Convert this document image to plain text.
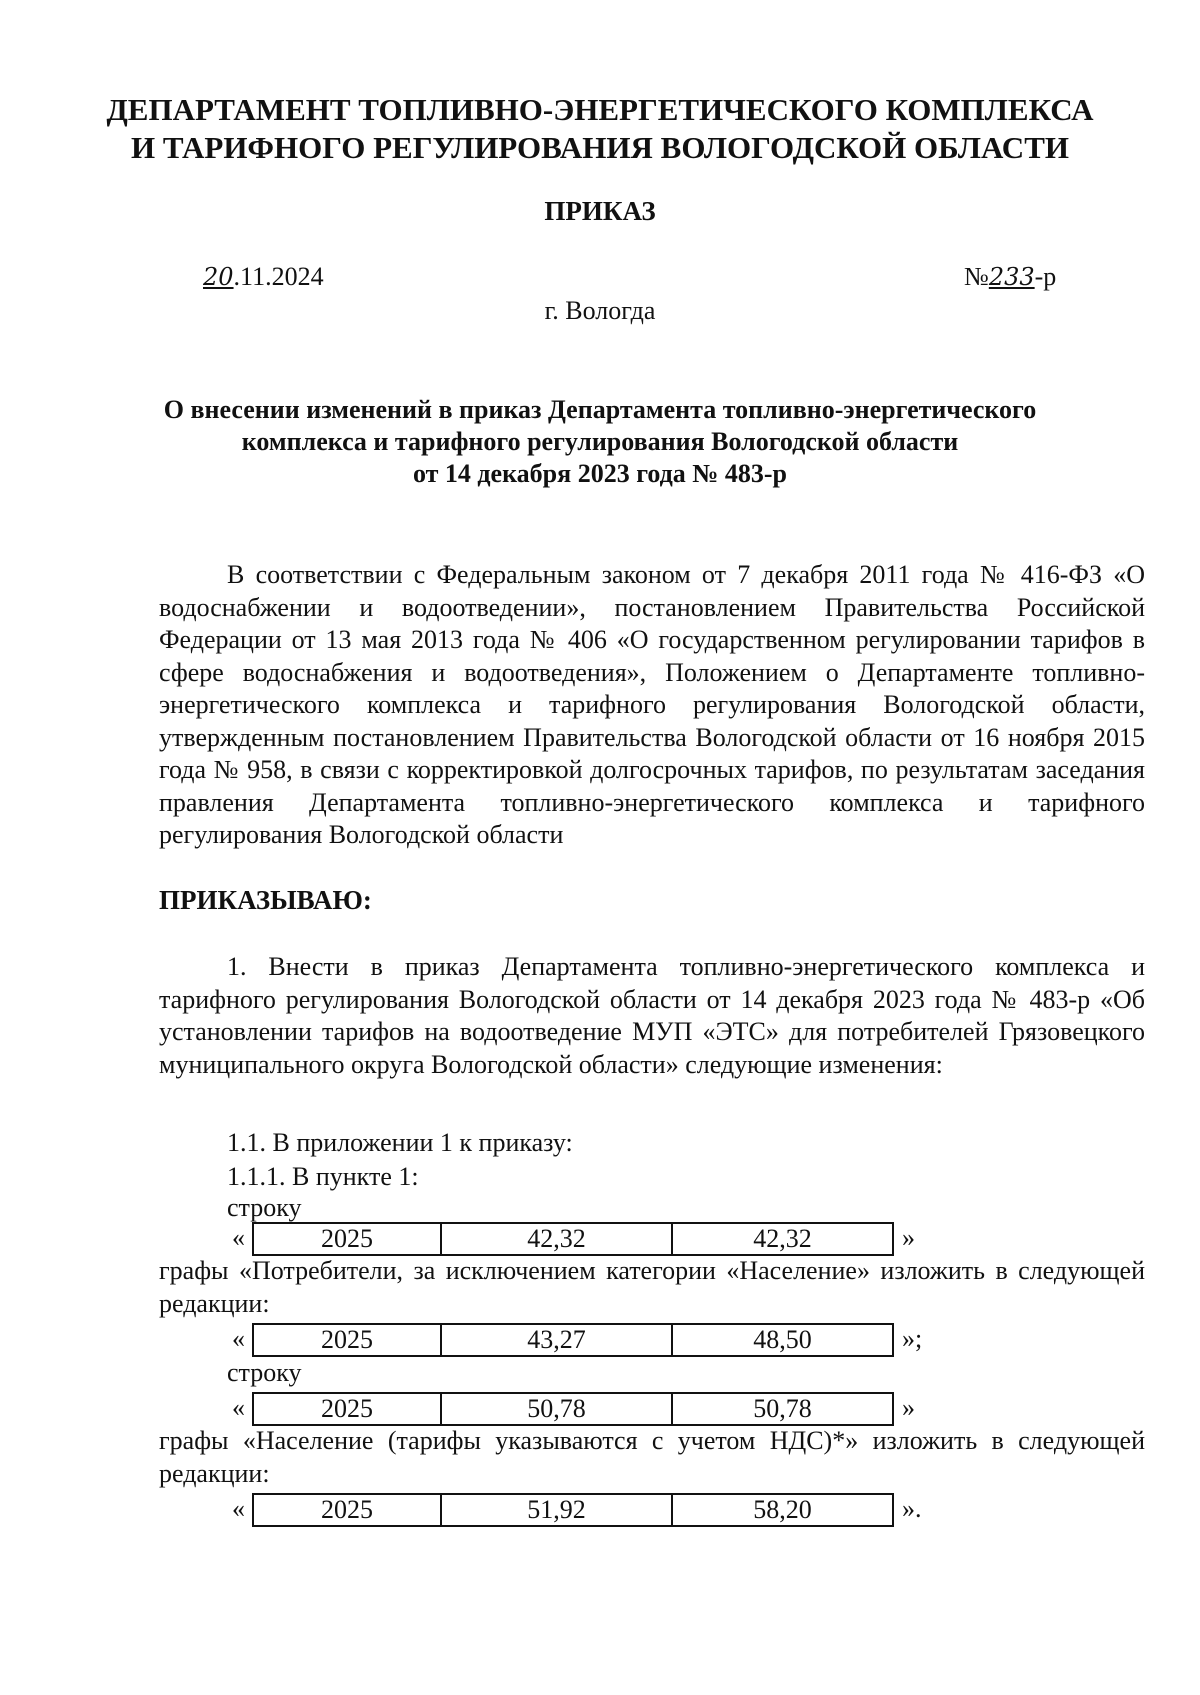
ДЕПАРТАМЕНТ ТОПЛИВНО-ЭНЕРГЕТИЧЕСКОГО КОМПЛЕКСА
И ТАРИФНОГО РЕГУЛИРОВАНИЯ ВОЛОГОДСКОЙ ОБЛАСТИ
ПРИКАЗ
20.11.2024	№233-р
г. Вологда
О внесении изменений в приказ Департамента топливно-энергетического
комплекса и тарифного регулирования Вологодской области
от 14 декабря 2023 года № 483-р
В соответствии с Федеральным законом от 7 декабря 2011 года № 416-ФЗ «О водоснабжении и водоотведении», постановлением Правительства Российской Федерации от 13 мая 2013 года № 406 «О государственном регулировании тарифов в сфере водоснабжения и водоотведения», Положением о Департаменте топливно-энергетического комплекса и тарифного регулирования Вологодской области, утвержденным постановлением Правительства Вологодской области от 16 ноября 2015 года № 958, в связи с корректировкой долгосрочных тарифов, по результатам заседания правления Департамента топливно-энергетического комплекса и тарифного регулирования Вологодской области
ПРИКАЗЫВАЮ:
1. Внести в приказ Департамента топливно-энергетического комплекса и тарифного регулирования Вологодской области от 14 декабря 2023 года № 483-р «Об установлении тарифов на водоотведение МУП «ЭТС» для потребителей Грязовецкого муниципального округа Вологодской области» следующие изменения:
1.1. В приложении 1 к приказу:
1.1.1. В пункте 1:
строку
«	2025	42,32	42,32	»
графы «Потребители, за исключением категории «Население» изложить в следующей редакции:
«	2025	43,27	48,50	»;
строку
«	2025	50,78	50,78	»
графы «Население (тарифы указываются с учетом НДС)*» изложить в следующей редакции:
«	2025	51,92	58,20	».
